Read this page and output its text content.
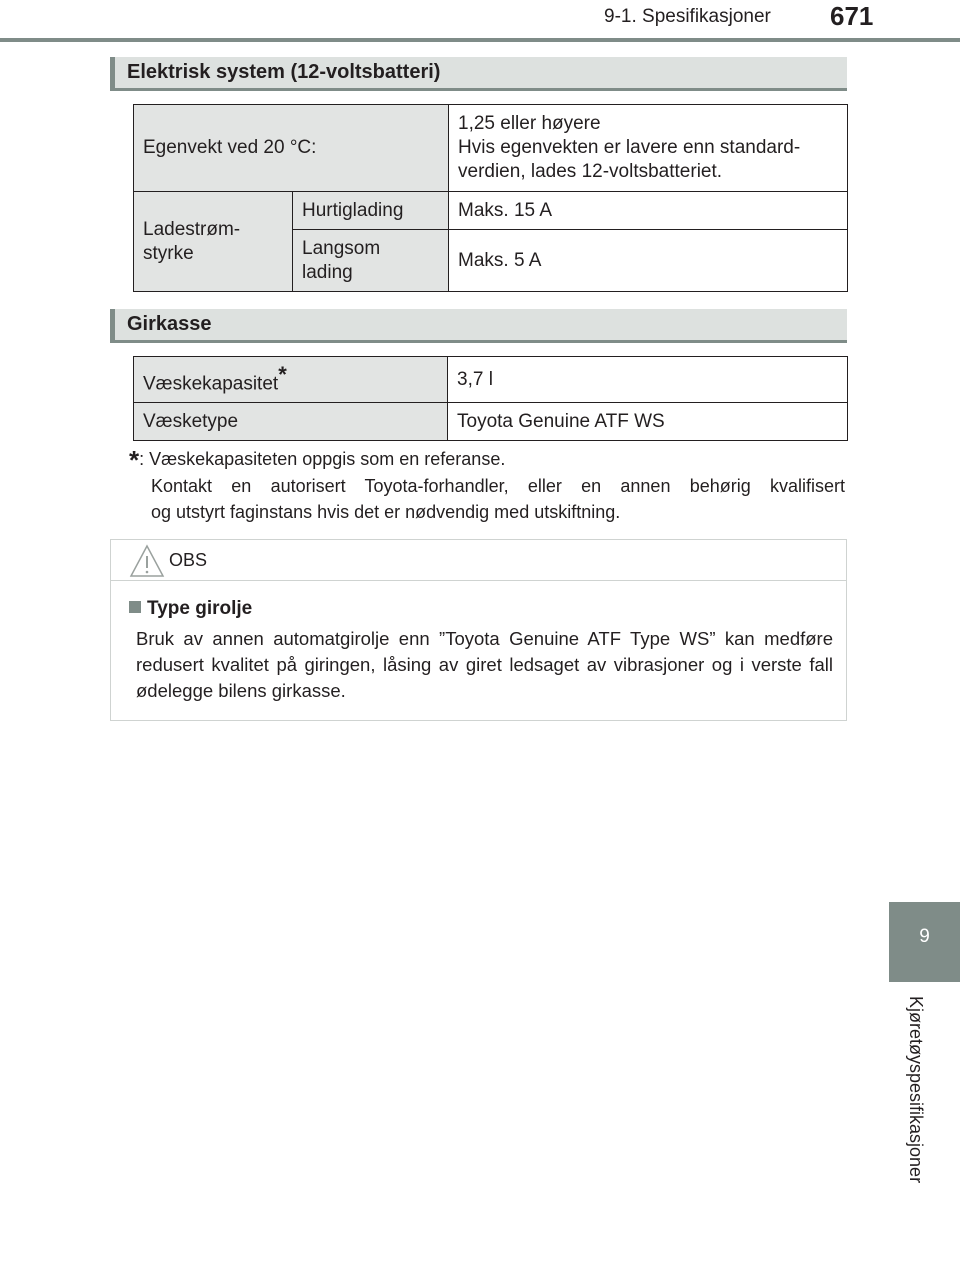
9-1. Spesifikasjoner 671
Elektrisk system (12-voltsbatteri)
Egenvekt ved 20 °C:		1,25 eller høyere
Hvis egenvekten er lavere enn standard-
verdien, lades 12-voltsbatteriet.

Ladestrøm-
styrke	Hurtiglading	Maks. 15 A

	Langsom
lading	Maks. 5 A
Girkasse
Væskekapasitet*	3,7 l
Væsketype	Toyota Genuine ATF WS
*: Væskekapasiteten oppgis som en referanse.
Kontakt en autorisert Toyota-forhandler, eller en annen behørig kvalifisert
og utstyrt faginstans hvis det er nødvendig med utskiftning.
OBS
Type girolje
Bruk av annen automatgirolje enn ”Toyota Genuine ATF Type WS” kan medføre redusert kvalitet på giringen, låsing av giret ledsaget av vibrasjoner og i verste fall ødelegge bilens girkasse.
9
Kjøretøyspesifikasjoner
